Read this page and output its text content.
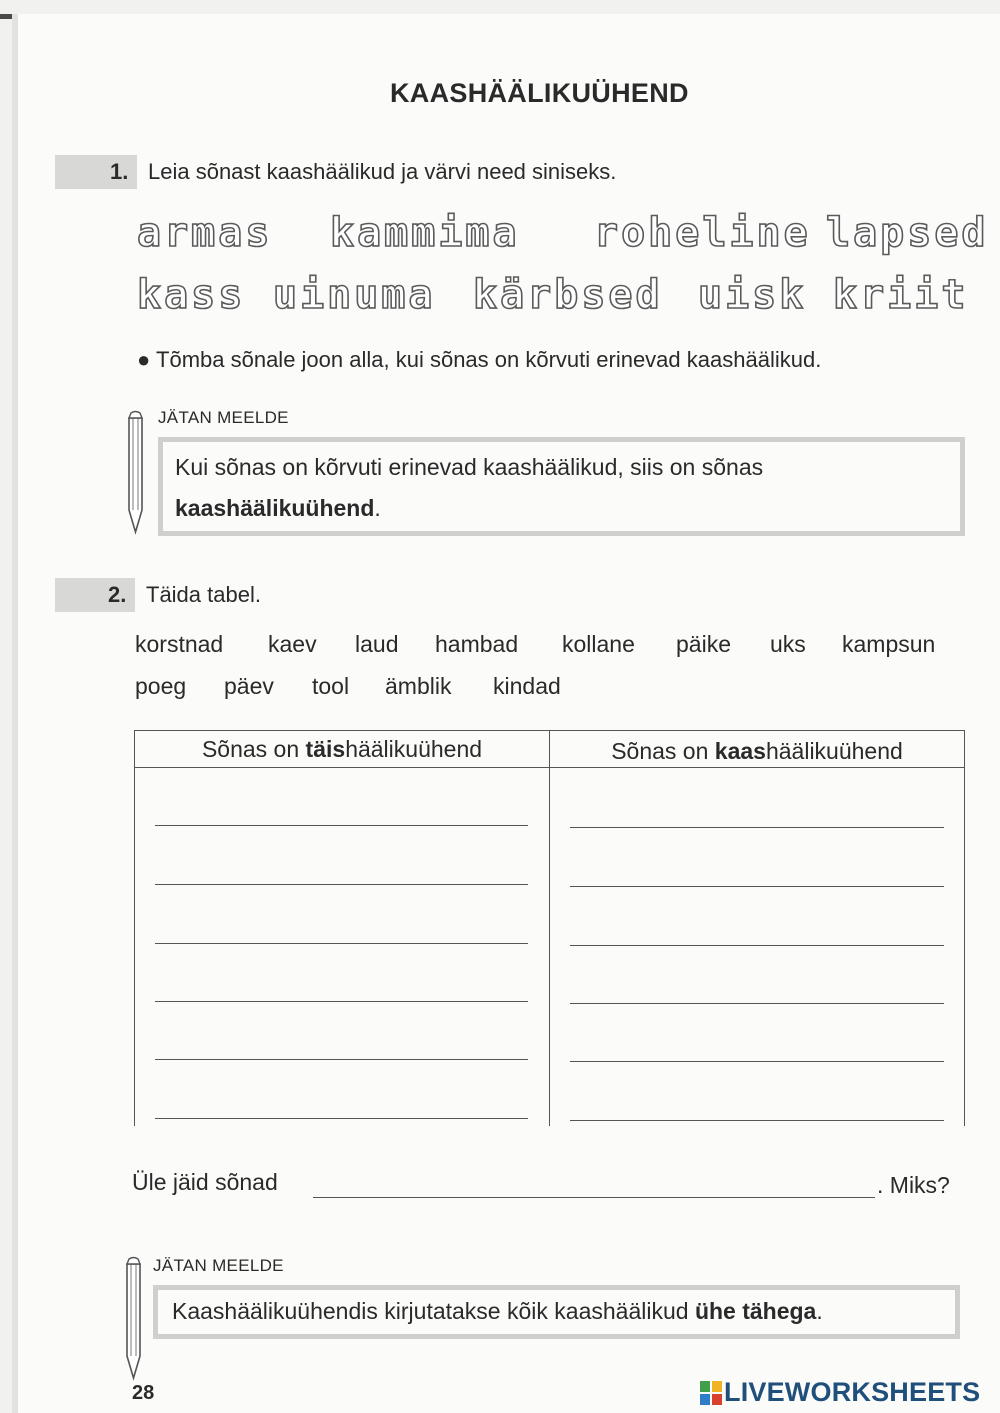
KAASHÄÄLIKUÜHEND
1. Leia sõnast kaashäälikud ja värvi need siniseks.
armas kammima roheline lapsed
kass uinuma kärbsed uisk kriit
● Tõmba sõnale joon alla, kui sõnas on kõrvuti erinevad kaashäälikud.
JÄTAN MEELDE
Kui sõnas on kõrvuti erinevad kaashäälikud, siis on sõnas
kaashäälikuühend.
2. Täida tabel.
korstnad kaev laud hambad kollane päike uks kampsun
poeg päev tool ämblik kindad
Sõnas on täishäälikuühend	Sõnas on kaashäälikuühend
Üle jäid sõnad	. Miks?
JÄTAN MEELDE
Kaashäälikuühendis kirjutatakse kõik kaashäälikud ühe tähega.
28	LIVEWORKSHEETS
